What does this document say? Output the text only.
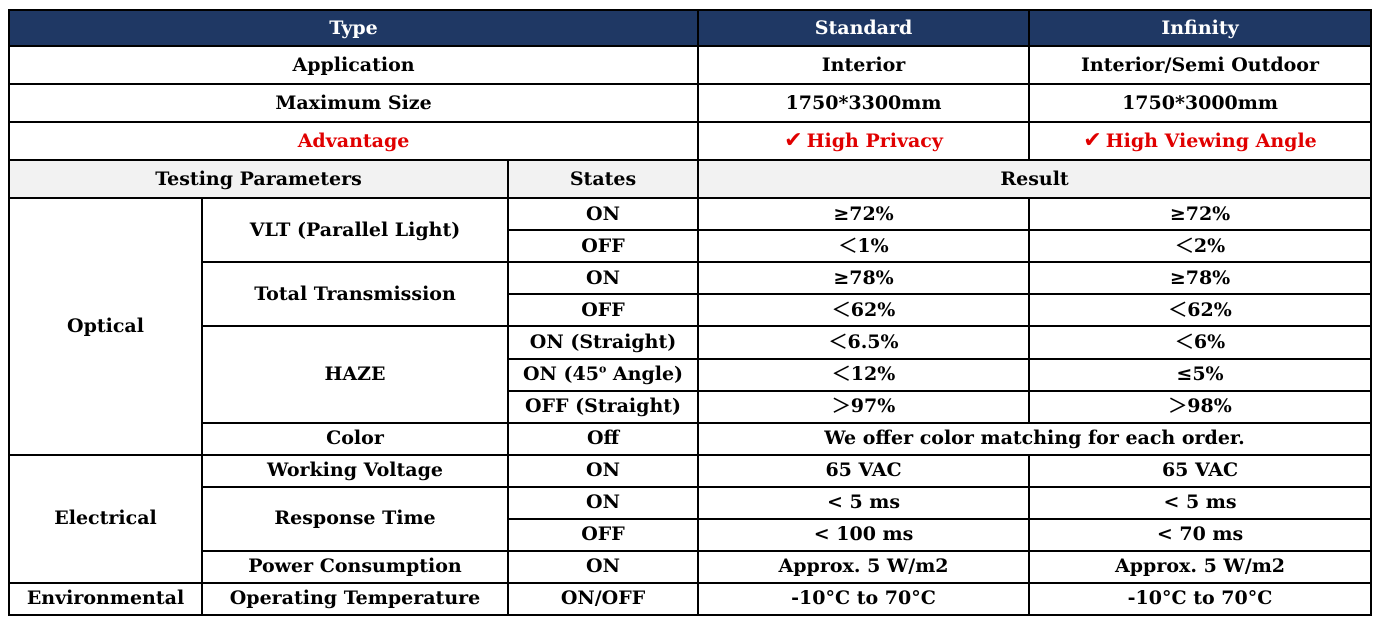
Type			Standard	Infinity
Application			Interior	Interior/Semi Outdoor
Maximum Size			1750*3300mm	1750*3000mm
Advantage			✔ High Privacy	✔ High Viewing Angle
Testing Parameters		States	Result	
Optical	VLT (Parallel Light)	ON	≥72%	≥72%
		OFF	＜1%	＜2%
	Total Transmission	ON	≥78%	≥78%
		OFF	＜62%	＜62%
	HAZE	ON (Straight)	＜6.5%	＜6%
		ON (45$^o$ Angle)	＜12%	≤5%
		OFF (Straight)	＞97%	＞98%
	Color	Off	We offer color matching for each order.	
Electrical	Working Voltage	ON	65 VAC	65 VAC
	Response Time	ON	< 5 ms	< 5 ms
		OFF	< 100 ms	< 70 ms
	Power Consumption	ON	Approx. 5 W/m2	Approx. 5 W/m2
Environmental	Operating Temperature	ON/OFF	-10°C to 70°C	-10°C to 70°C
